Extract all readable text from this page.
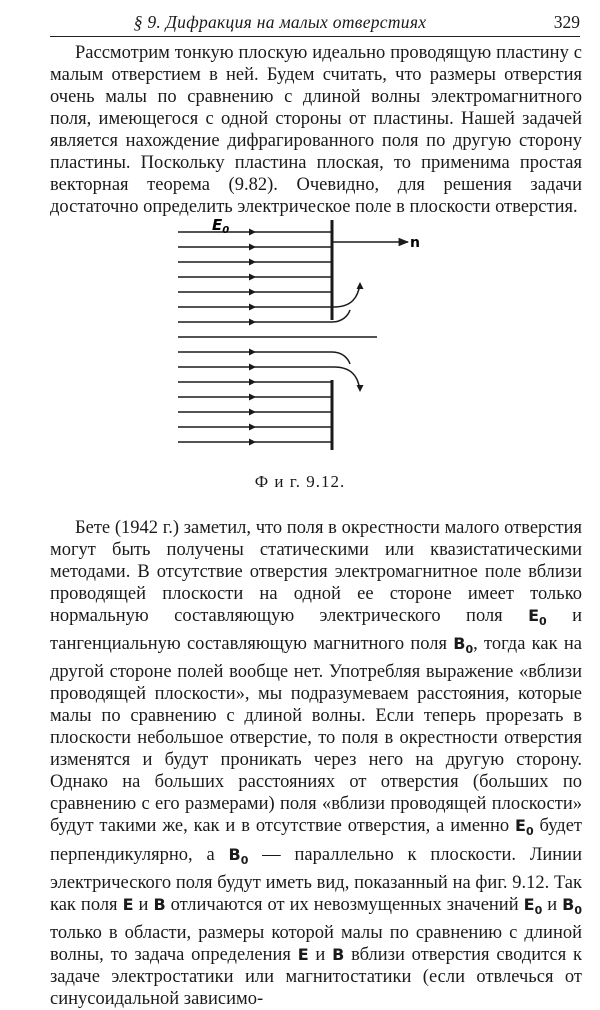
§ 9. Дифракция на малых отверстиях	329

Рассмотрим тонкую плоскую идеально проводящую пластину с малым отверстием в ней. Будем считать, что размеры отверстия очень малы по сравнению с длиной волны электромагнитного поля, имеющегося с одной стороны от пластины. Нашей задачей является нахождение дифрагированного поля по другую сторону пластины. Поскольку пластина плоская, то применима простая векторная теорема (9.82). Очевидно, для решения задачи достаточно определить электрическое поле в плоскости отверстия.

n
$E_0$
Ф и г. 9.12.

Бете (1942 г.) заметил, что поля в окрестности малого отверстия могут быть получены статическими или квазистатическими методами. В отсутствие отверстия электромагнитное поле вблизи проводящей плоскости на одной ее стороне имеет только нормальную составляющую электрического поля $E_0$ и тангенциальную составляющую магнитного поля $B_0$, тогда как на другой стороне полей вообще нет. Употребляя выражение «вблизи проводящей плоскости», мы подразумеваем расстояния, которые малы по сравнению с длиной волны. Если теперь прорезать в плоскости небольшое отверстие, то поля в окрестности отверстия изменятся и будут проникать через него на другую сторону. Однако на больших расстояниях от отверстия (больших по сравнению с его размерами) поля «вблизи проводящей плоскости» будут такими же, как и в отсутствие отверстия, а именно $E_0$ будет перпендикулярно, а $B_0$ — параллельно к плоскости. Линии электрического поля будут иметь вид, показанный на фиг. 9.12. Так как поля E и B отличаются от их невозмущенных значений $E_0$ и $B_0$ только в области, размеры которой малы по сравнению с длиной волны, то задача определения E и B вблизи отверстия сводится к задаче электростатики или магнитостатики (если отвлечься от синусоидальной зависимо-
